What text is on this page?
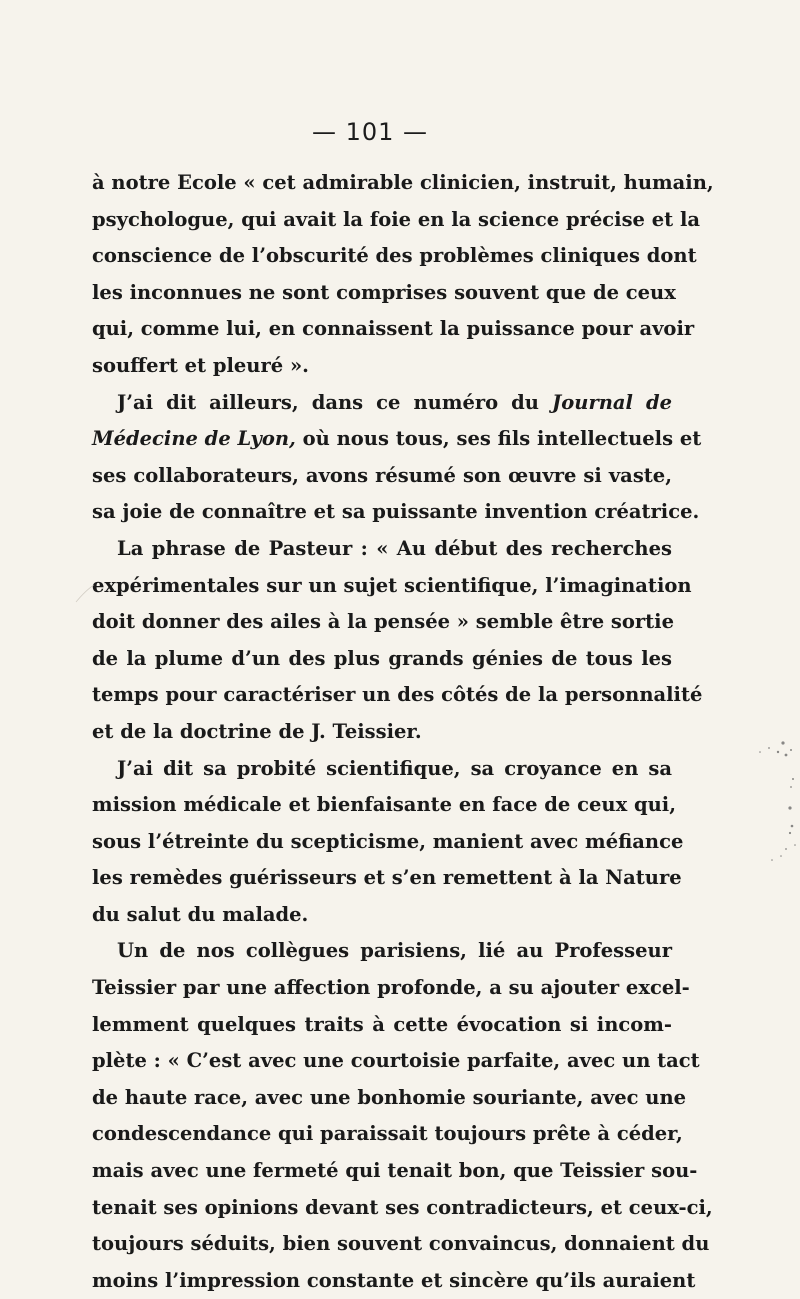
— 101 —
à notre Ecole « cet admirable clinicien, instruit, humain,
psychologue, qui avait la foie en la science précise et la
conscience de l’obscurité des problèmes cliniques dont
les inconnues ne sont comprises souvent que de ceux
qui, comme lui, en connaissent la puissance pour avoir
souffert et pleuré ».
J’ai dit ailleurs, dans ce numéro du Journal de
Médecine de Lyon, où nous tous, ses fils intellectuels et
ses collaborateurs, avons résumé son œuvre si vaste,
sa joie de connaître et sa puissante invention créatrice.
La phrase de Pasteur : « Au début des recherches
expérimentales sur un sujet scientifique, l’imagination
doit donner des ailes à la pensée » semble être sortie
de la plume d’un des plus grands génies de tous les
temps pour caractériser un des côtés de la personnalité
et de la doctrine de J. Teissier.
J’ai dit sa probité scientifique, sa croyance en sa
mission médicale et bienfaisante en face de ceux qui,
sous l’étreinte du scepticisme, manient avec méfiance
les remèdes guérisseurs et s’en remettent à la Nature
du salut du malade.
Un de nos collègues parisiens, lié au Professeur
Teissier par une affection profonde, a su ajouter excel-
lemment quelques traits à cette évocation si incom-
plète : « C’est avec une courtoisie parfaite, avec un tact
de haute race, avec une bonhomie souriante, avec une
condescendance qui paraissait toujours prête à céder,
mais avec une fermeté qui tenait bon, que Teissier sou-
tenait ses opinions devant ses contradicteurs, et ceux-ci,
toujours séduits, bien souvent convaincus, donnaient du
moins l’impression constante et sincère qu’ils auraient
